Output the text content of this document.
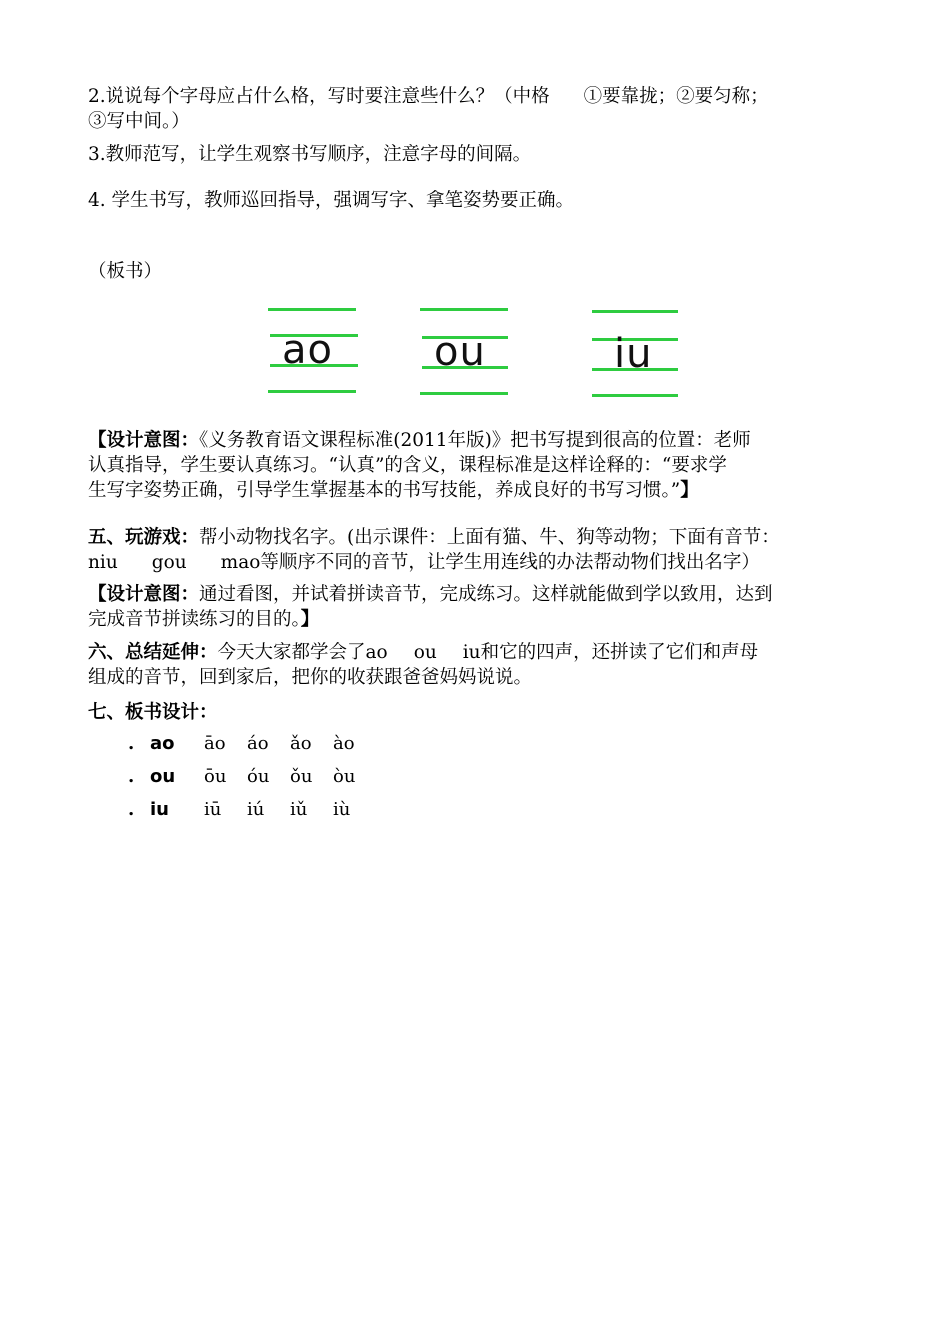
2.说说每个字母应占什么格，写时要注意些什么？（中格 ①要靠拢；②要匀称；
③写中间。）
3.教师范写，让学生观察书写顺序，注意字母的间隔。
4. 学生书写，教师巡回指导，强调写字、拿笔姿势要正确。
（板书）
ao	ou	iu
【设计意图：《义务教育语文课程标准(2011年版)》把书写提到很高的位置：老师
认真指导，学生要认真练习。“认真”的含义，课程标准是这样诠释的：“要求学
生写字姿势正确，引导学生掌握基本的书写技能，养成良好的书写习惯。”】
五、玩游戏：帮小动物找名字。(出示课件：上面有猫、牛、狗等动物；下面有音节：
niu gou mao等顺序不同的音节，让学生用连线的办法帮动物们找出名字）
【设计意图：通过看图，并试着拼读音节，完成练习。这样就能做到学以致用，达到
完成音节拼读练习的目的。】
六、总结延伸：今天大家都学会了ao ou iu和它的四声，还拼读了它们和声母
组成的音节，回到家后，把你的收获跟爸爸妈妈说说。
七、板书设计：
. ao āo áo ǎo ào
. ou ōu óu ǒu òu
. iu iū iú iǔ iù
